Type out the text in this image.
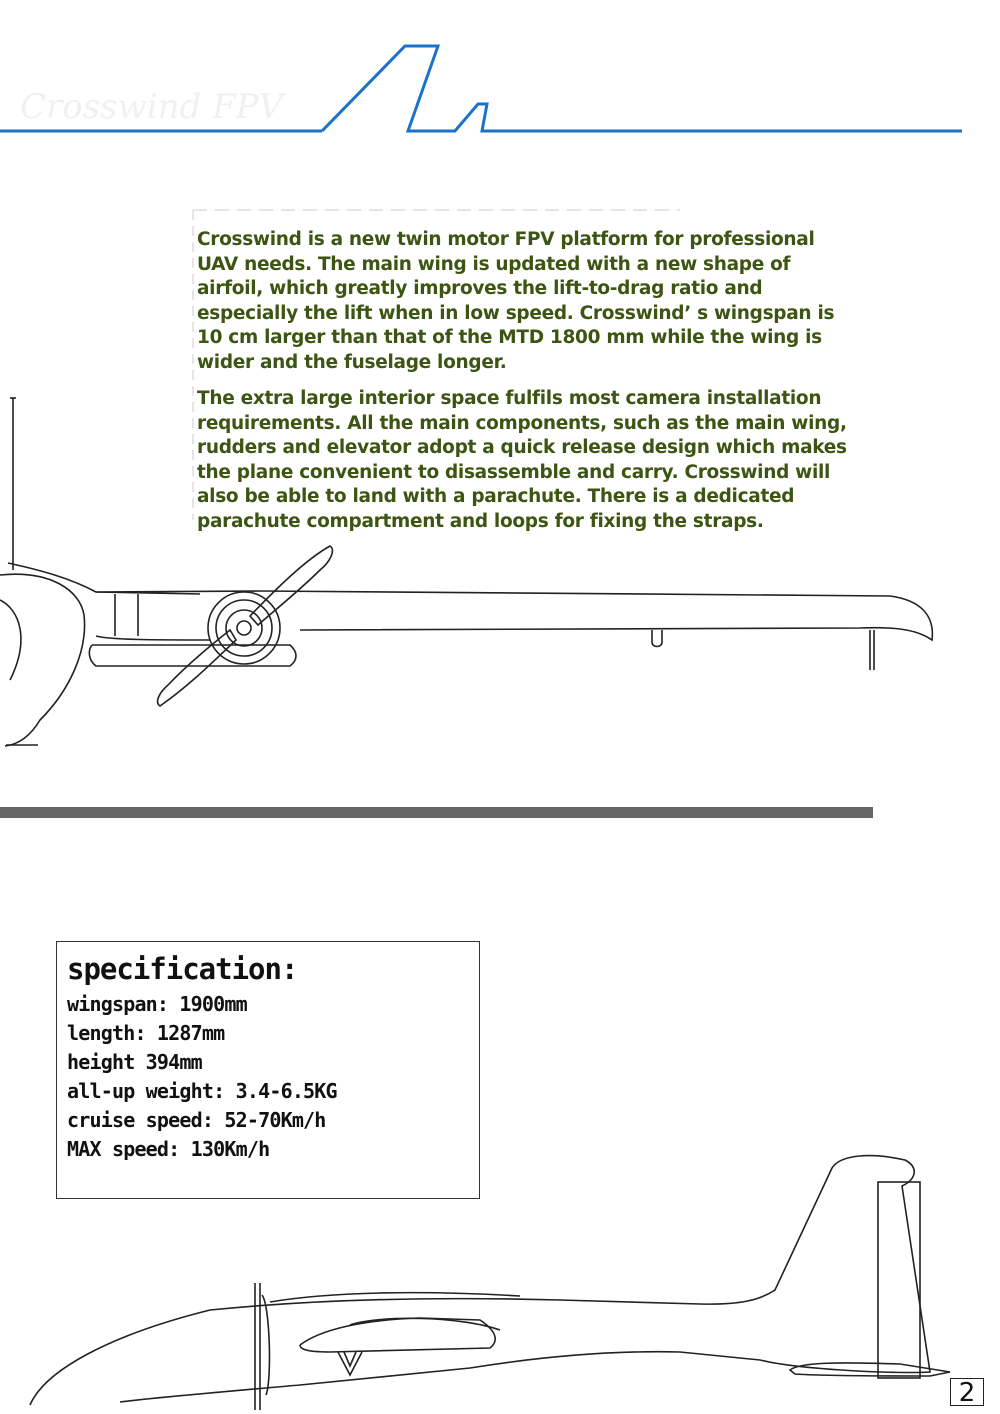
Crosswind FPV

Crosswind is a new twin motor FPV platform for professional UAV needs. The main wing is updated with a new shape of airfoil, which greatly improves the lift-to-drag ratio and especially the lift when in low speed. Crosswind’ s wingspan is 10 cm larger than that of the MTD 1800 mm while the wing is wider and the fuselage longer.

The extra large interior space fulfils most camera installation requirements. All the main components, such as the main wing, rudders and elevator adopt a quick release design which makes the plane convenient to disassemble and carry. Crosswind will also be able to land with a parachute. There is a dedicated parachute compartment and loops for fixing the straps.

specification:
wingspan: 1900mm
length: 1287mm
height 394mm
all-up weight: 3.4-6.5KG
cruise speed: 52-70Km/h
MAX speed: 130Km/h
2
